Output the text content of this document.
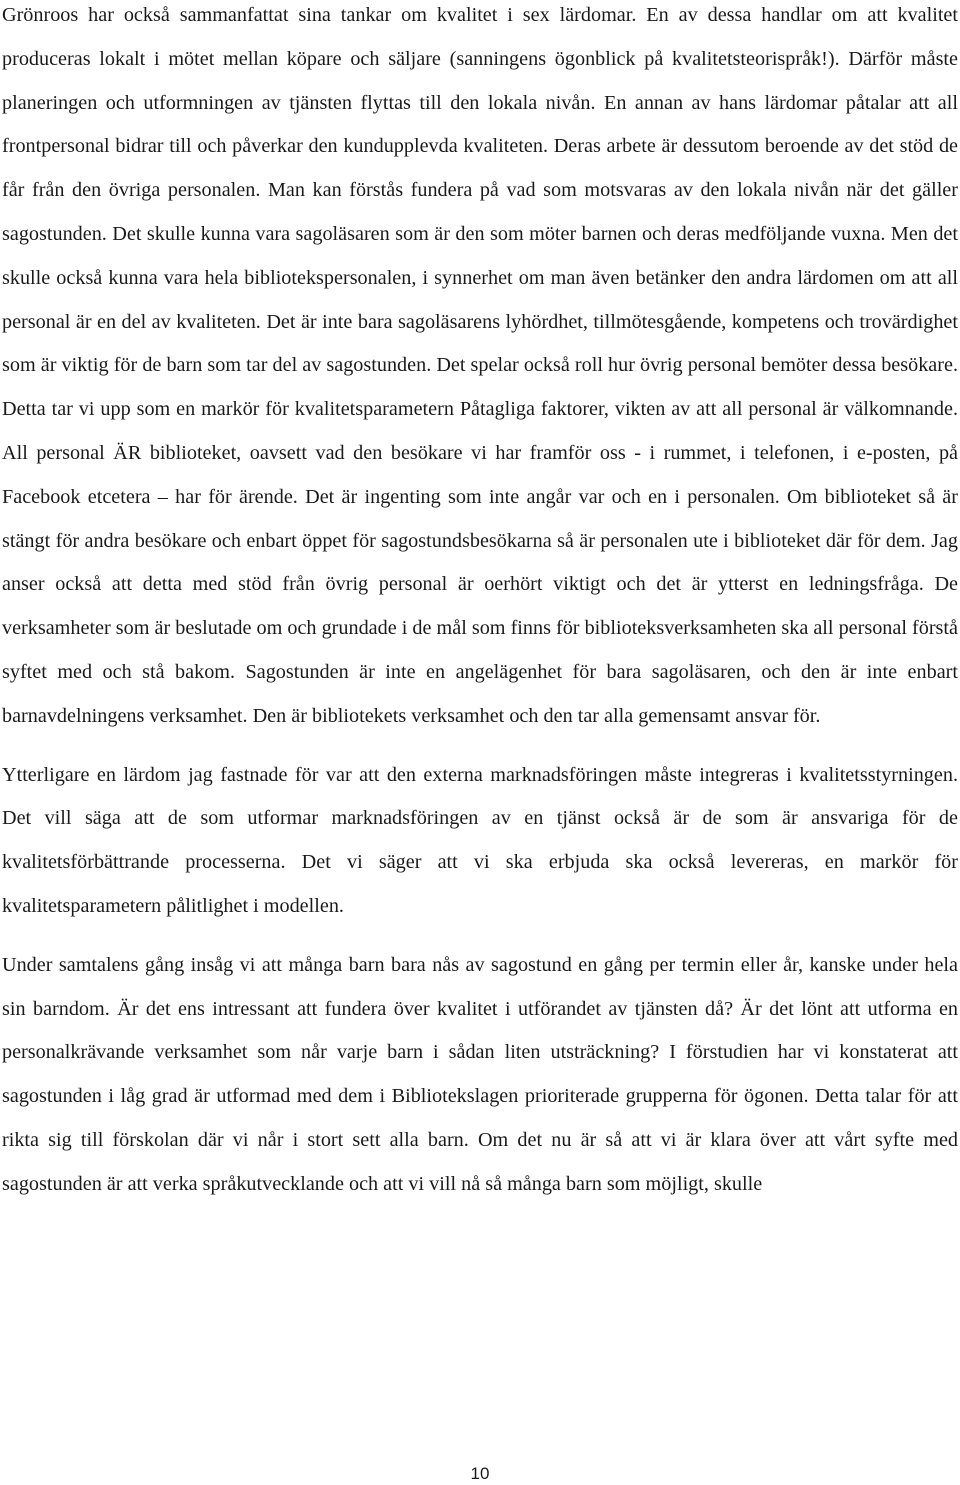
Grönroos har också sammanfattat sina tankar om kvalitet i sex lärdomar. En av dessa handlar om att kvalitet produceras lokalt i mötet mellan köpare och säljare (sanningens ögonblick på kvalitetsteorispråk!). Därför måste planeringen och utformningen av tjänsten flyttas till den lokala nivån. En annan av hans lärdomar påtalar att all frontpersonal bidrar till och påverkar den kundupplevda kvaliteten. Deras arbete är dessutom beroende av det stöd de får från den övriga personalen. Man kan förstås fundera på vad som motsvaras av den lokala nivån när det gäller sagostunden. Det skulle kunna vara sagoläsaren som är den som möter barnen och deras medföljande vuxna. Men det skulle också kunna vara hela bibliotekspersonalen, i synnerhet om man även betänker den andra lärdomen om att all personal är en del av kvaliteten. Det är inte bara sagoläsarens lyhördhet, tillmötesgående, kompetens och trovärdighet som är viktig för de barn som tar del av sagostunden. Det spelar också roll hur övrig personal bemöter dessa besökare. Detta tar vi upp som en markör för kvalitetsparametern Påtagliga faktorer, vikten av att all personal är välkomnande. All personal ÄR biblioteket, oavsett vad den besökare vi har framför oss - i rummet, i telefonen, i e-posten, på Facebook etcetera – har för ärende. Det är ingenting som inte angår var och en i personalen. Om biblioteket så är stängt för andra besökare och enbart öppet för sagostundsbesökarna så är personalen ute i biblioteket där för dem. Jag anser också att detta med stöd från övrig personal är oerhört viktigt och det är ytterst en ledningsfråga. De verksamheter som är beslutade om och grundade i de mål som finns för biblioteksverksamheten ska all personal förstå syftet med och stå bakom. Sagostunden är inte en angelägenhet för bara sagoläsaren, och den är inte enbart barnavdelningens verksamhet. Den är bibliotekets verksamhet och den tar alla gemensamt ansvar för.

Ytterligare en lärdom jag fastnade för var att den externa marknadsföringen måste integreras i kvalitetsstyrningen. Det vill säga att de som utformar marknadsföringen av en tjänst också är de som är ansvariga för de kvalitetsförbättrande processerna. Det vi säger att vi ska erbjuda ska också levereras, en markör för kvalitetsparametern pålitlighet i modellen.

Under samtalens gång insåg vi att många barn bara nås av sagostund en gång per termin eller år, kanske under hela sin barndom. Är det ens intressant att fundera över kvalitet i utförandet av tjänsten då? Är det lönt att utforma en personalkrävande verksamhet som når varje barn i sådan liten utsträckning? I förstudien har vi konstaterat att sagostunden i låg grad är utformad med dem i Bibliotekslagen prioriterade grupperna för ögonen. Detta talar för att rikta sig till förskolan där vi når i stort sett alla barn. Om det nu är så att vi är klara över att vårt syfte med sagostunden är att verka språkutvecklande och att vi vill nå så många barn som möjligt, skulle

10
